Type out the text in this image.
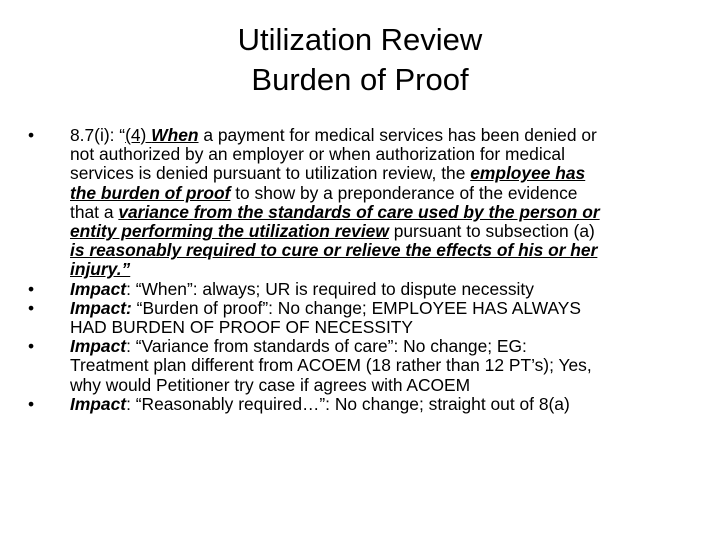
Utilization Review
Burden of Proof
•	8.7(i): “(4) When a payment for medical services has been denied or
not authorized by an employer or when authorization for medical
services is denied pursuant to utilization review, the employee has
the burden of proof to show by a preponderance of the evidence
that a variance from the standards of care used by the person or
entity performing the utilization review pursuant to subsection (a)
is reasonably required to cure or relieve the effects of his or her
injury.”
•	Impact: “When”: always; UR is required to dispute necessity
•	Impact: “Burden of proof”: No change; EMPLOYEE HAS ALWAYS
HAD BURDEN OF PROOF OF NECESSITY
•	Impact: “Variance from standards of care”: No change; EG:
Treatment plan different from ACOEM (18 rather than 12 PT’s); Yes,
why would Petitioner try case if agrees with ACOEM
•	Impact: “Reasonably required…”: No change; straight out of 8(a)
